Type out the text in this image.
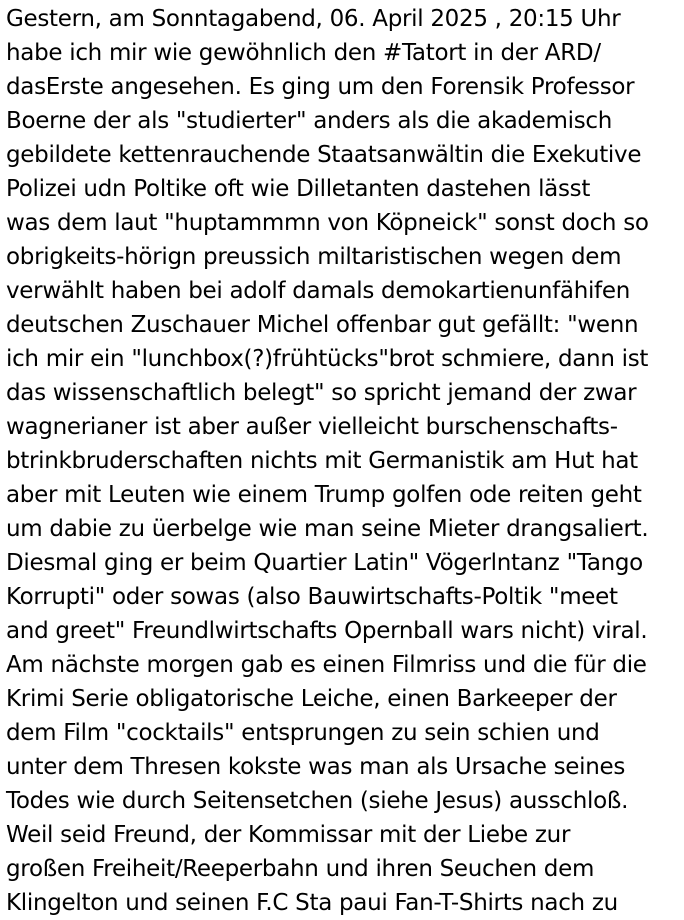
Gestern, am Sonntagabend, 06. April 2025 , 20:15 Uhr
habe ich mir wie gewöhnlich den #Tatort in der ARD/
dasErste angesehen. Es ging um den Forensik Professor
Boerne der als "studierter" anders als die akademisch
gebildete kettenrauchende Staatsanwältin die Exekutive
Polizei udn Poltike oft wie Dilletanten dastehen lässt
was dem laut "huptammmn von Köpneick" sonst doch so
obrigkeits-hörign preussich miltaristischen wegen dem
verwählt haben bei adolf damals demokartienunfähifen
deutschen Zuschauer Michel offenbar gut gefällt: "wenn
ich mir ein "lunchbox(?)frühtücks"brot schmiere, dann ist
das wissenschaftlich belegt" so spricht jemand der zwar
wagnerianer ist aber außer vielleicht burschenschafts-
btrinkbruderschaften nichts mit Germanistik am Hut hat
aber mit Leuten wie einem Trump golfen ode reiten geht
um dabie zu üerbelge wie man seine Mieter drangsaliert.
Diesmal ging er beim Quartier Latin" Vögerlntanz "Tango
Korrupti" oder sowas (also Bauwirtschafts-Poltik "meet
and greet" Freundlwirtschafts Opernball wars nicht) viral.
Am nächste morgen gab es einen Filmriss und die für die
Krimi Serie obligatorische Leiche, einen Barkeeper der
dem Film "cocktails" entsprungen zu sein schien und
unter dem Thresen kokste was man als Ursache seines
Todes wie durch Seitensetchen (siehe Jesus) ausschloß.
Weil seid Freund, der Kommissar mit der Liebe zur
großen Freiheit/Reeperbahn und ihren Seuchen dem
Klingelton und seinen F.C Sta paui Fan-T-Shirts nach zu
